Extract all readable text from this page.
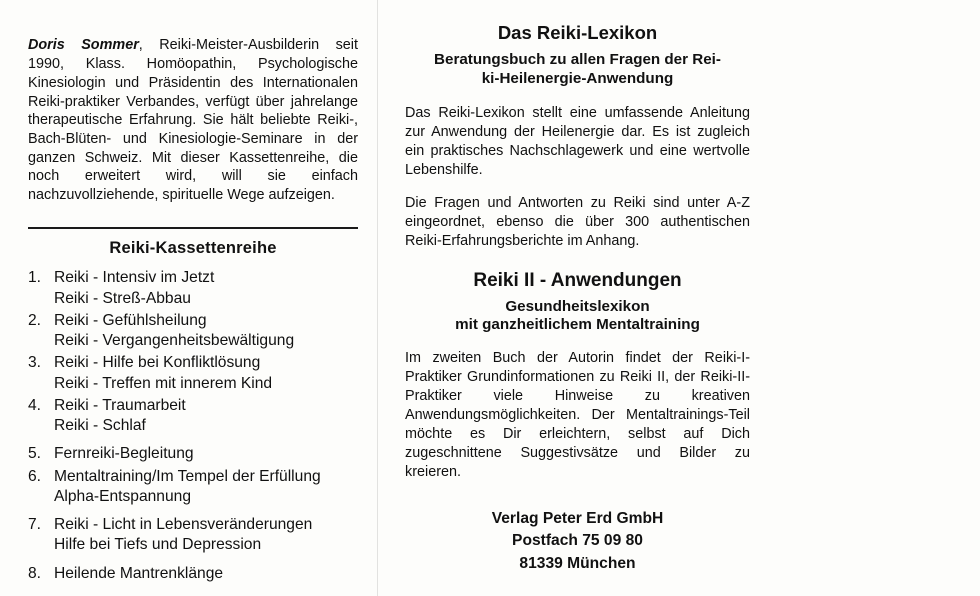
Doris Sommer, Reiki-Meister-Ausbilderin seit 1990, Klass. Homöopathin, Psychologische Kinesiologin und Präsidentin des Internationalen Reiki-praktiker Verbandes, verfügt über jahrelange therapeutische Erfahrung. Sie hält beliebte Reiki-, Bach-Blüten- und Kinesiologie-Seminare in der ganzen Schweiz. Mit dieser Kassettenreihe, die noch erweitert wird, will sie einfach nachzuvollziehende, spirituelle Wege aufzeigen.

Reiki-Kassettenreihe
1. Reiki - Intensiv im Jetzt
Reiki - Streß-Abbau
2. Reiki - Gefühlsheilung
Reiki - Vergangenheitsbewältigung
3. Reiki - Hilfe bei Konfliktlösung
Reiki - Treffen mit innerem Kind
4. Reiki - Traumarbeit
Reiki - Schlaf
5. Fernreiki-Begleitung
6. Mentaltraining/Im Tempel der Erfüllung
Alpha-Entspannung
7. Reiki - Licht in Lebensveränderungen
Hilfe bei Tiefs und Depression
8. Heilende Mantrenklänge
Das Reiki-Lexikon
Beratungsbuch zu allen Fragen der Rei-
ki-Heilenergie-Anwendung

Das Reiki-Lexikon stellt eine umfassende Anleitung zur Anwendung der Heilenergie dar. Es ist zugleich ein praktisches Nachschlagewerk und eine wertvolle Lebenshilfe.

Die Fragen und Antworten zu Reiki sind unter A-Z eingeordnet, ebenso die über 300 authentischen Reiki-Erfahrungsberichte im Anhang.

Reiki II - Anwendungen
Gesundheitslexikon
mit ganzheitlichem Mentaltraining

Im zweiten Buch der Autorin findet der Reiki-I-Praktiker Grundinformationen zu Reiki II, der Reiki-II-Praktiker viele Hinweise zu kreativen Anwendungsmöglichkeiten. Der Mentaltrainings-Teil möchte es Dir erleichtern, selbst auf Dich zugeschnittene Suggestivsätze und Bilder zu kreieren.

Verlag Peter Erd GmbH
Postfach 75 09 80
81339 München
